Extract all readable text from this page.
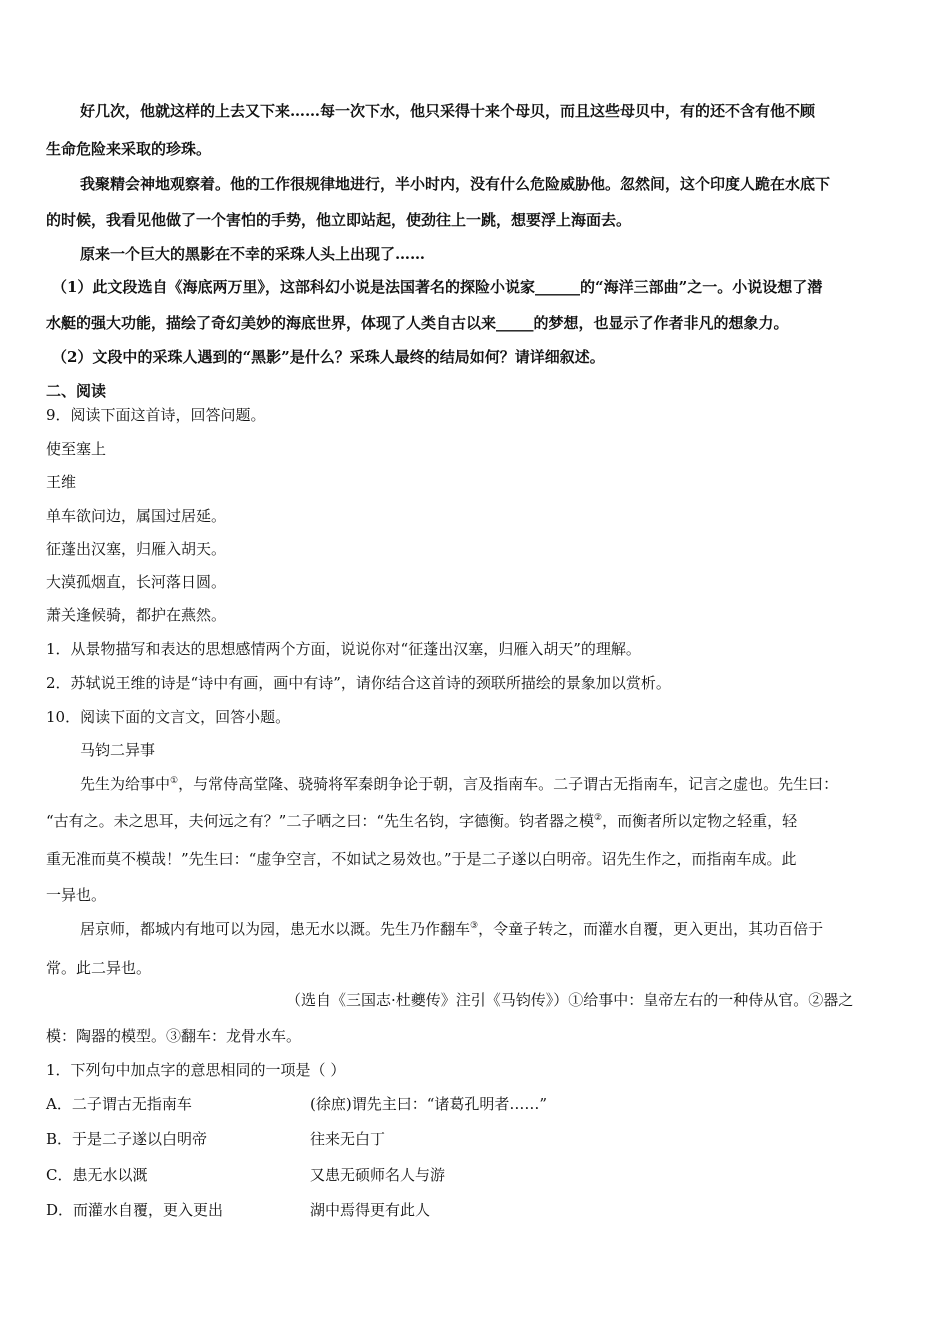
好几次，他就这样的上去又下来……每一次下水，他只采得十来个母贝，而且这些母贝中，有的还不含有他不顾
生命危险来采取的珍珠。
我聚精会神地观察着。他的工作很规律地进行，半小时内，没有什么危险威胁他。忽然间，这个印度人跪在水底下
的时候，我看见他做了一个害怕的手势，他立即站起，使劲往上一跳，想要浮上海面去。
原来一个巨大的黑影在不幸的采珠人头上出现了……
（1）此文段选自《海底两万里》，这部科幻小说是法国著名的探险小说家______的“海洋三部曲”之一。小说设想了潜
水艇的强大功能，描绘了奇幻美妙的海底世界，体现了人类自古以来_____的梦想，也显示了作者非凡的想象力。
（2）文段中的采珠人遇到的“黑影”是什么？采珠人最终的结局如何？请详细叙述。
二、阅读
9．阅读下面这首诗，回答问题。
使至塞上
王维
单车欲问边，属国过居延。
征蓬出汉塞，归雁入胡天。
大漠孤烟直，长河落日圆。
萧关逢候骑，都护在燕然。
1．从景物描写和表达的思想感情两个方面，说说你对“征蓬出汉塞，归雁入胡天”的理解。
2．苏轼说王维的诗是“诗中有画，画中有诗”，请你结合这首诗的颈联所描绘的景象加以赏析。
10．阅读下面的文言文，回答小题。
马钧二异事
先生为给事中①，与常侍高堂隆、骁骑将军秦朗争论于朝，言及指南车。二子谓古无指南车，记言之虚也。先生曰：
“古有之。未之思耳，夫何远之有？”二子哂之曰：“先生名钧，字德衡。钧者器之模②，而衡者所以定物之轻重，轻
重无准而莫不模哉！”先生曰：“虚争空言，不如试之易效也。”于是二子遂以白明帝。诏先生作之，而指南车成。此
一异也。
居京师，都城内有地可以为园，患无水以溉。先生乃作翻车③，令童子转之，而灌水自覆，更入更出，其功百倍于
常。此二异也。
（选自《三国志·杜夔传》注引《马钧传》）①给事中：皇帝左右的一种侍从官。②器之
模：陶器的模型。③翻车：龙骨水车。
1．下列句中加点字的意思相同的一项是（ ）
A．二子谓古无指南车	(徐庶)谓先主曰：“诸葛孔明者……”
B．于是二子遂以白明帝	往来无白丁
C．患无水以溉	又患无硕师名人与游
D．而灌水自覆，更入更出	湖中焉得更有此人
